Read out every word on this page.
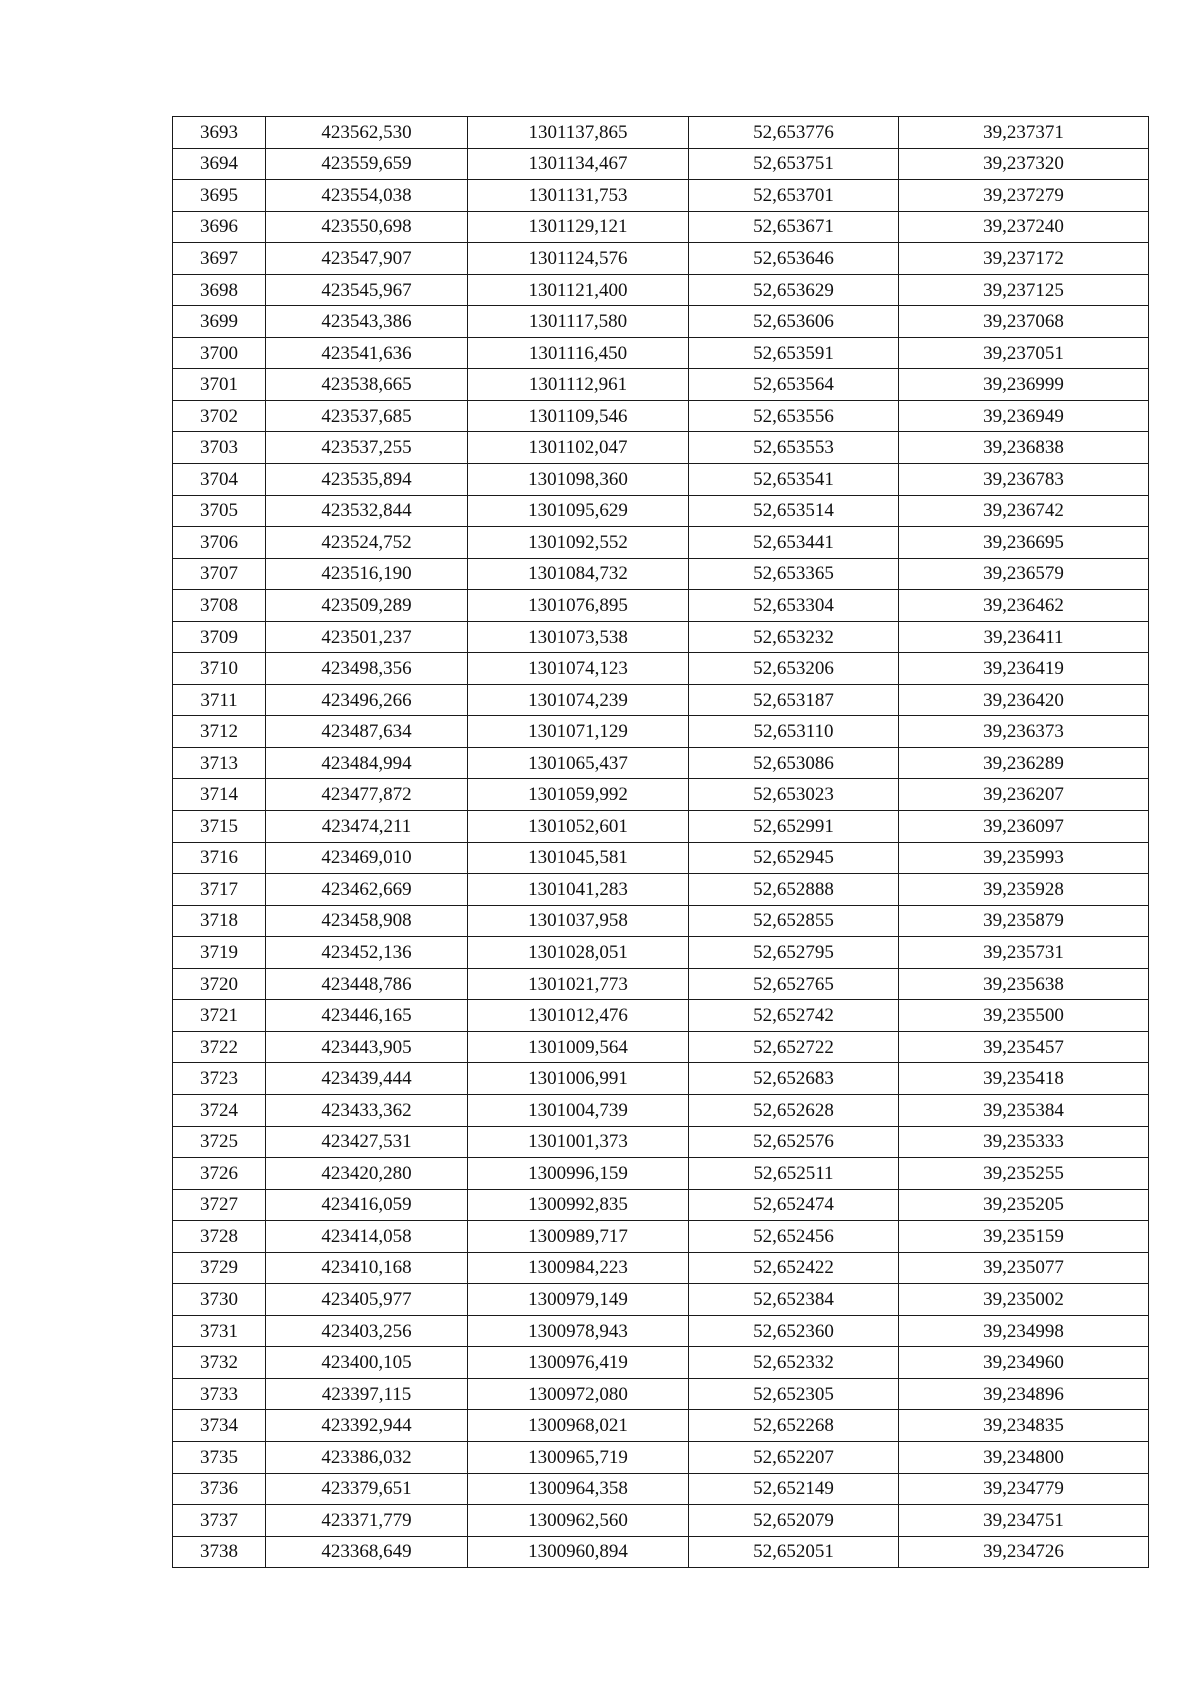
3693	423562,530	1301137,865	52,653776	39,237371
3694	423559,659	1301134,467	52,653751	39,237320
3695	423554,038	1301131,753	52,653701	39,237279
3696	423550,698	1301129,121	52,653671	39,237240
3697	423547,907	1301124,576	52,653646	39,237172
3698	423545,967	1301121,400	52,653629	39,237125
3699	423543,386	1301117,580	52,653606	39,237068
3700	423541,636	1301116,450	52,653591	39,237051
3701	423538,665	1301112,961	52,653564	39,236999
3702	423537,685	1301109,546	52,653556	39,236949
3703	423537,255	1301102,047	52,653553	39,236838
3704	423535,894	1301098,360	52,653541	39,236783
3705	423532,844	1301095,629	52,653514	39,236742
3706	423524,752	1301092,552	52,653441	39,236695
3707	423516,190	1301084,732	52,653365	39,236579
3708	423509,289	1301076,895	52,653304	39,236462
3709	423501,237	1301073,538	52,653232	39,236411
3710	423498,356	1301074,123	52,653206	39,236419
3711	423496,266	1301074,239	52,653187	39,236420
3712	423487,634	1301071,129	52,653110	39,236373
3713	423484,994	1301065,437	52,653086	39,236289
3714	423477,872	1301059,992	52,653023	39,236207
3715	423474,211	1301052,601	52,652991	39,236097
3716	423469,010	1301045,581	52,652945	39,235993
3717	423462,669	1301041,283	52,652888	39,235928
3718	423458,908	1301037,958	52,652855	39,235879
3719	423452,136	1301028,051	52,652795	39,235731
3720	423448,786	1301021,773	52,652765	39,235638
3721	423446,165	1301012,476	52,652742	39,235500
3722	423443,905	1301009,564	52,652722	39,235457
3723	423439,444	1301006,991	52,652683	39,235418
3724	423433,362	1301004,739	52,652628	39,235384
3725	423427,531	1301001,373	52,652576	39,235333
3726	423420,280	1300996,159	52,652511	39,235255
3727	423416,059	1300992,835	52,652474	39,235205
3728	423414,058	1300989,717	52,652456	39,235159
3729	423410,168	1300984,223	52,652422	39,235077
3730	423405,977	1300979,149	52,652384	39,235002
3731	423403,256	1300978,943	52,652360	39,234998
3732	423400,105	1300976,419	52,652332	39,234960
3733	423397,115	1300972,080	52,652305	39,234896
3734	423392,944	1300968,021	52,652268	39,234835
3735	423386,032	1300965,719	52,652207	39,234800
3736	423379,651	1300964,358	52,652149	39,234779
3737	423371,779	1300962,560	52,652079	39,234751
3738	423368,649	1300960,894	52,652051	39,234726
